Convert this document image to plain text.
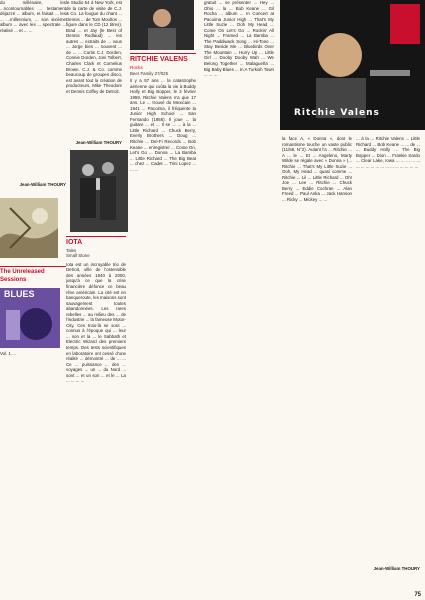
du millénaire, les ...ncontournables ... testament déjazzé ... album, et faisait ... les ... ...millennium, ... son sixième album ... avec les ... spectrale ... réalisé ... et ... ...

Jean-William THOURY

The Unreleased
Sessions
BLUES

Vol. 1 ...

le Studio 54 à New York, est de la carte de visite de C.J. & Co. La fougue du chant ... Dennis ... de Tom Moulton ... figure dans le CD (12 titres). Brad ... et Jay (le Best of Dennis Rudlaud) ... les autres ... extraits de ... vous ... Jorge bien ... souvent ... de ... ... Curtis C.J. Dorden, Connie Dorden, Joni Tolbert, Charles Clark et Cornelius Brown. C.J. & Co. comme beaucoup de groupes disco, est avant tout la création de producteurs, Mike Theodore et Dennis Coffey de Detroit.

Jean-William THOURY

IOTA
Tales
Small Stone

Iota est un incroyable trio de Detroit, ville de l'ostensible des années 1940 à 2000, jusqu'à ce que la crise financière défonce ce beau rêve américain. La cité est en banqueroute, les maisons sont sauvagement toutes abandonnées. Les rares rebelles ... au milieu des ... de l'industrie ... la fameuse Motor-City. Ces trois-là se sont ... connus à l'époque qui ... leur ... son et la ... le Sabbath et Electric Wizard des premiers temps. Des tests scientifiques en laboratoire ont cessé d'une réalité ... démontré ... de ... ... Ce ... puissance ... des ... voyages ... un ... du Nord ... sont ... et un son ... et le ... La ... ... ... ...

RITCHIE VALENS
Rocks
Beer Family 27/025

Il y a 57 ans ... la catastrophe aérienne qui coûta la vie à Buddy Holly et Big Bopper, le 3 février 1959, Ritchie Valens n'a que 17 ans. Le ... trouvé du Mexicain ... 1941 ... Pacoima, il fréquente la Junior High School ... San Fernando (1956). Il joue ... la guitare ... et ... Il se ... ... à la ... Little Richard ... Chuck Berry, Everly Brothers ... Doug ... Ritchie ... Del-Fi Records ... Bob Keane ... enregistrer ... Come On, Let's Go ... Donna ... La Bamba ... Little Richard ... The Big Beat ... chez ... Cadet ... Trini Lopez ... ... ...

gratuit ... se présenter ... Hey ... Ohio ... la ... Bob Keane ... Gil Rocha ... album ... In Concert at Pacoima Junior High ... That's My Little Suzie ... Ooh My Head ... Come On Let's Go ... Rockin' All Night ... Framed ... La Bamba ... The Paddiwack Song ... Hi-Tone ... Stay Beside Me ... Bluebirds Over The Mountain ... Hurry Up ... Little Girl ... Dooby Dooby Wah ... We Belong Together ... Malagueña ... Big Baby Blues ... In A Turkish Town ... ... ...

Ritchie Valens

la face A, « Donna », dont le romantisme touche un vaste public (11/58, N°2). Autant l'a ... Ritchie ... A ... le ... Et ... Angeleno, Marty Wilde se régale avec « Donna » (... Ritchie ... That's My Little Suzie ... Ooh, My Head ... quasi comme ... Ritchie ... Lil ... Little Richard ... Oh! Joe ... Lee ... Ritchie ... Chuck Berry ... Eddie Cochran ... Alan Freed ... Paul Anka ... Jack Hanson ... Ricky ... Mickey ... ...

... à la ... Ritchie Valens ... Little Richard ... Bob Keane ... ... de ... ... Buddy Holly ... The Big Bopper ... Dion ... Frankie Sardo ... Clear Lake, Iowa ... ... ... ... ... ... ... ... ... ... ... ... ... ... ... ... ... ...

Jean-William THOURY

75
